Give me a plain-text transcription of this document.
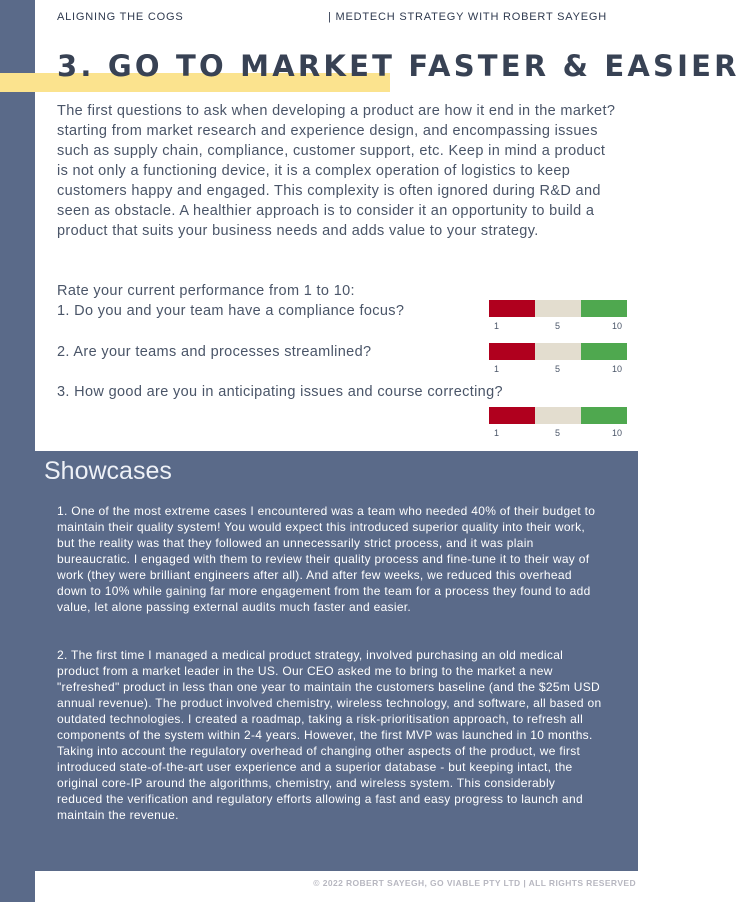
ALIGNING THE COGS	| MEDTECH STRATEGY WITH ROBERT SAYEGH
3. GO TO MARKET FASTER & EASIER

The first questions to ask when developing a product are how it end in the market? starting from market research and experience design, and encompassing issues such as supply chain, compliance, customer support, etc. Keep in mind a product is not only a functioning device, it is a complex operation of logistics to keep customers happy and engaged. This complexity is often ignored during R&D and seen as obstacle. A healthier approach is to consider it an opportunity to build a product that suits your business needs and adds value to your strategy.

Rate your current performance from 1 to 10:
1. Do you and your team have a compliance focus?
2. Are your teams and processes streamlined?
3. How good are you in anticipating issues and course correcting?
1	5	10
1	5	10
1	5	10
Showcases

1. One of the most extreme cases I encountered was a team who needed 40% of their budget to maintain their quality system! You would expect this introduced superior quality into their work, but the reality was that they followed an unnecessarily strict process, and it was plain bureaucratic. I engaged with them to review their quality process and fine-tune it to their way of work (they were brilliant engineers after all). And after few weeks, we reduced this overhead down to 10% while gaining far more engagement from the team for a process they found to add value, let alone passing external audits much faster and easier.

2. The first time I managed a medical product strategy, involved purchasing an old medical product from a market leader in the US. Our CEO asked me to bring to the market a new "refreshed" product in less than one year to maintain the customers baseline (and the $25m USD annual revenue). The product involved chemistry, wireless technology, and software, all based on outdated technologies. I created a roadmap, taking a risk-prioritisation approach, to refresh all components of the system within 2-4 years. However, the first MVP was launched in 10 months. Taking into account the regulatory overhead of changing other aspects of the product, we first introduced state-of-the-art user experience and a superior database - but keeping intact, the original core-IP around the algorithms, chemistry, and wireless system. This considerably reduced the verification and regulatory efforts allowing a fast and easy progress to launch and maintain the revenue.

© 2022 ROBERT SAYEGH, GO VIABLE PTY LTD | ALL RIGHTS RESERVED
